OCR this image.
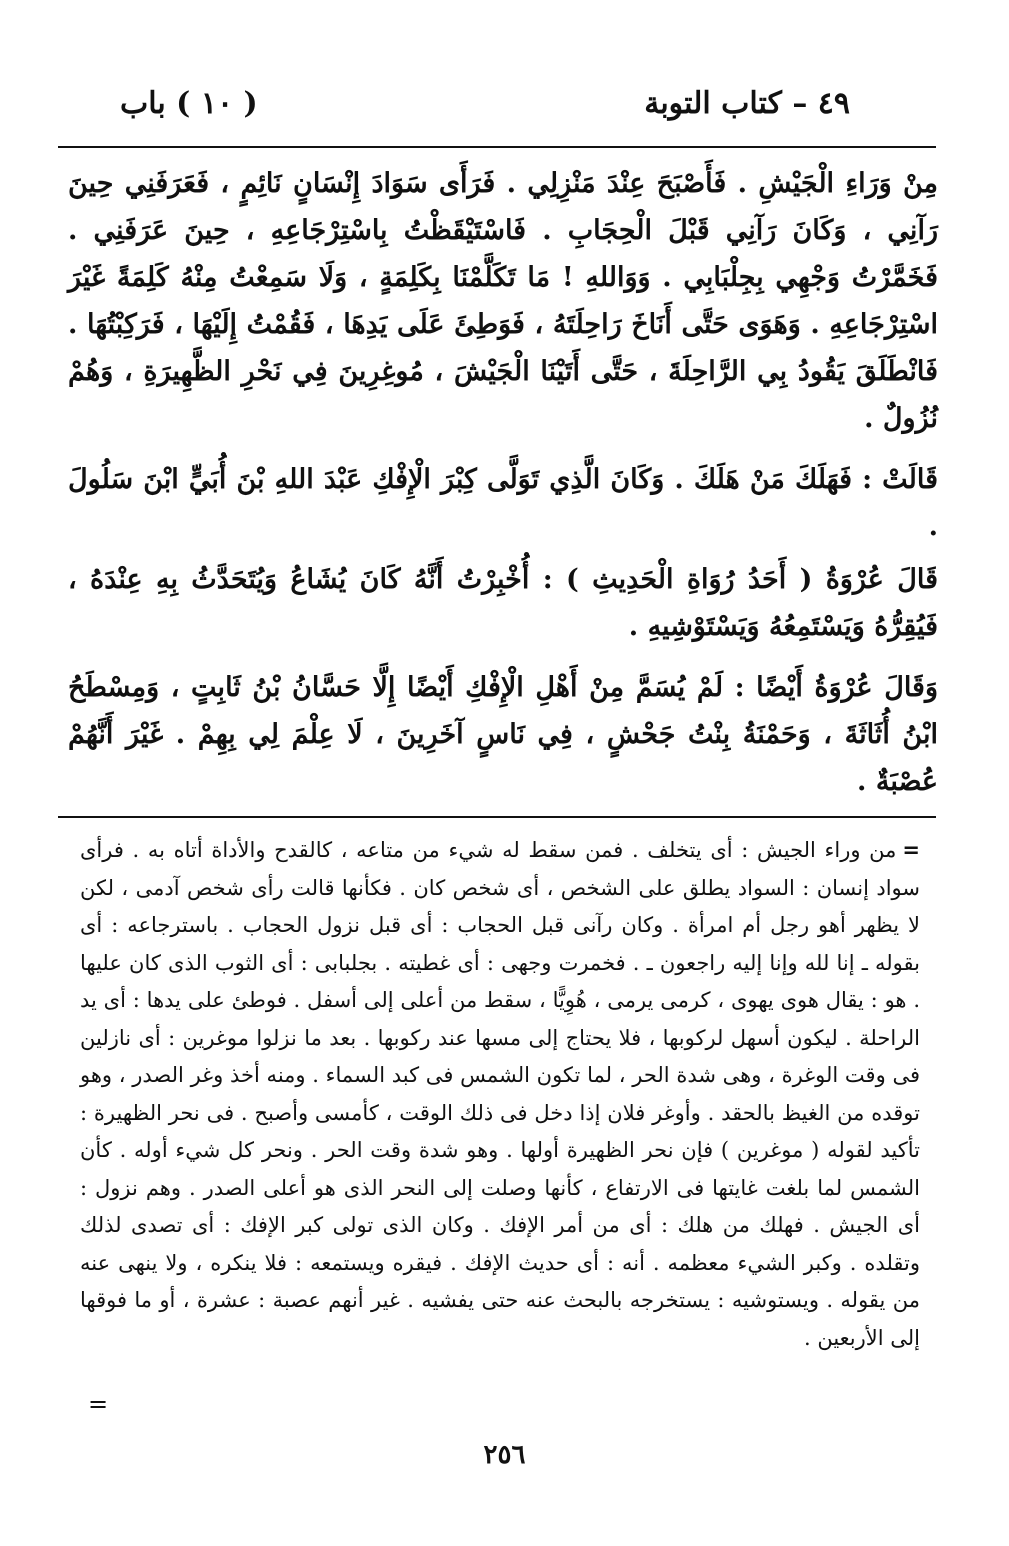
٤٩ – كتاب التوبة
( ١٠ ) باب

مِنْ وَرَاءِ الْجَيْشِ . فَأَصْبَحَ عِنْدَ مَنْزِلِي . فَرَأَى سَوَادَ إِنْسَانٍ نَائِمٍ ، فَعَرَفَنِي حِينَ رَآنِي ، وَكَانَ رَآنِي قَبْلَ الْحِجَابِ . فَاسْتَيْقَظْتُ بِاسْتِرْجَاعِهِ ، حِينَ عَرَفَنِي . فَخَمَّرْتُ وَجْهِي بِجِلْبَابِي . وَوَاللهِ ! مَا تَكَلَّمْنَا بِكَلِمَةٍ ، وَلَا سَمِعْتُ مِنْهُ كَلِمَةً غَيْرَ اسْتِرْجَاعِهِ . وَهَوَى حَتَّى أَنَاخَ رَاحِلَتَهُ ، فَوَطِئَ عَلَى يَدِهَا ، فَقُمْتُ إِلَيْهَا ، فَرَكِبْتُهَا . فَانْطَلَقَ يَقُودُ بِي الرَّاحِلَةَ ، حَتَّى أَتَيْنَا الْجَيْشَ ، مُوغِرِينَ فِي نَحْرِ الظَّهِيرَةِ ، وَهُمْ نُزُولٌ .

قَالَتْ : فَهَلَكَ مَنْ هَلَكَ . وَكَانَ الَّذِي تَوَلَّى كِبْرَ الْإِفْكِ عَبْدَ اللهِ بْنَ أُبَيٍّ ابْنَ سَلُولَ .

قَالَ عُرْوَةُ ( أَحَدُ رُوَاةِ الْحَدِيثِ ) : أُخْبِرْتُ أَنَّهُ كَانَ يُشَاعُ وَيُتَحَدَّثُ بِهِ عِنْدَهُ ، فَيُقِرُّهُ وَيَسْتَمِعُهُ وَيَسْتَوْشِيهِ .

وَقَالَ عُرْوَةُ أَيْضًا : لَمْ يُسَمَّ مِنْ أَهْلِ الْإِفْكِ أَيْضًا إِلَّا حَسَّانُ بْنُ ثَابِتٍ ، وَمِسْطَحُ ابْنُ أُثَاثَةَ ، وَحَمْنَةُ بِنْتُ جَحْشٍ ، فِي نَاسٍ آخَرِينَ ، لَا عِلْمَ لِي بِهِمْ . غَيْرَ أَنَّهُمْ عُصْبَةٌ .

=من وراء الجيش : أى يتخلف . فمن سقط له شيء من متاعه ، كالقدح والأداة أتاه به . فرأى سواد إنسان : السواد يطلق على الشخص ، أى شخص كان . فكأنها قالت رأى شخص آدمى ، لكن لا يظهر أهو رجل أم امرأة . وكان رآنى قبل الحجاب : أى قبل نزول الحجاب . باسترجاعه : أى بقوله ـ إنا لله وإنا إليه راجعون ـ . فخمرت وجهى : أى غطيته . بجلبابى : أى الثوب الذى كان عليها . هو : يقال هوى يهوى ، كرمى يرمى ، هُوِيًّا ، سقط من أعلى إلى أسفل . فوطئ على يدها : أى يد الراحلة . ليكون أسهل لركوبها ، فلا يحتاج إلى مسها عند ركوبها . بعد ما نزلوا موغرين : أى نازلين فى وقت الوغرة ، وهى شدة الحر ، لما تكون الشمس فى كبد السماء . ومنه أخذ وغر الصدر ، وهو توقده من الغيظ بالحقد . وأوغر فلان إذا دخل فى ذلك الوقت ، كأمسى وأصبح . فى نحر الظهيرة : تأكيد لقوله ( موغرين ) فإن نحر الظهيرة أولها . وهو شدة وقت الحر . ونحر كل شيء أوله . كأن الشمس لما بلغت غايتها فى الارتفاع ، كأنها وصلت إلى النحر الذى هو أعلى الصدر . وهم نزول : أى الجيش . فهلك من هلك : أى من أمر الإفك . وكان الذى تولى كبر الإفك : أى تصدى لذلك وتقلده . وكبر الشيء معظمه . أنه : أى حديث الإفك . فيقره ويستمعه : فلا ينكره ، ولا ينهى عنه من يقوله . ويستوشيه : يستخرجه بالبحث عنه حتى يفشيه . غير أنهم عصبة : عشرة ، أو ما فوقها إلى الأربعين .

=
٢٥٦
